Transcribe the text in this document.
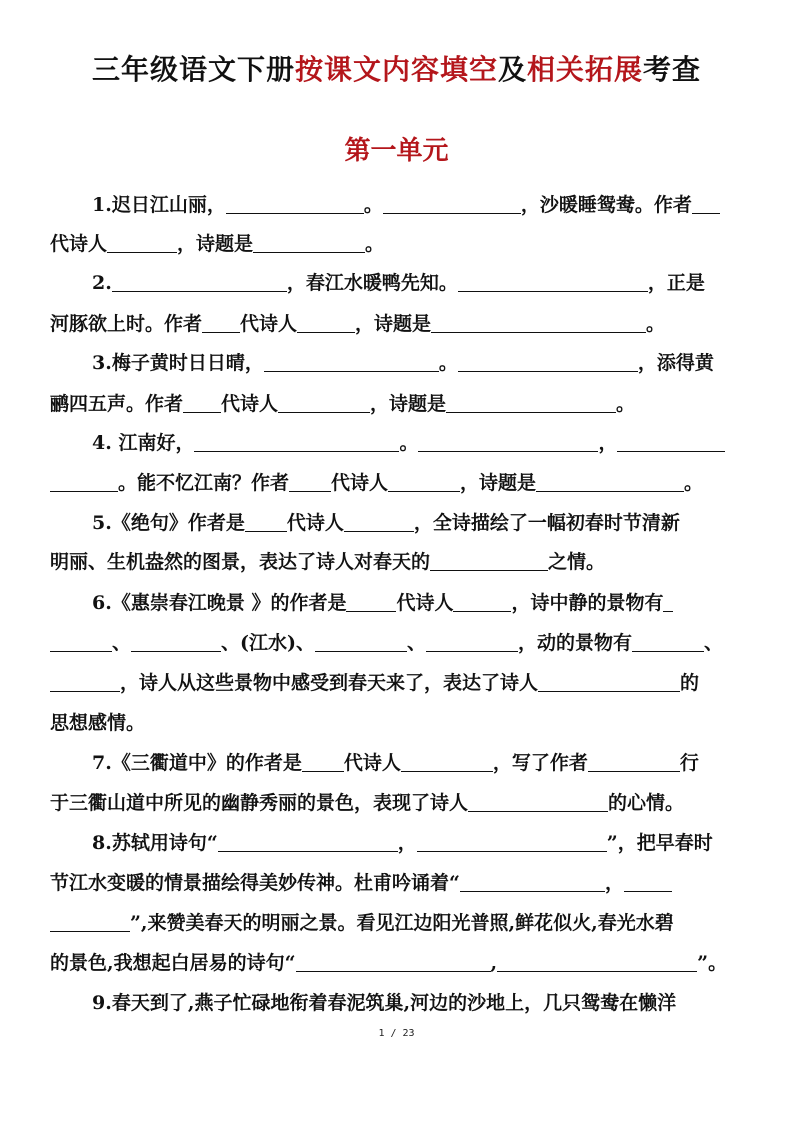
三年级语文下册按课文内容填空及相关拓展考查
第一单元
1.迟日江山丽，	。	，沙暖睡鸳鸯。作者
代诗人	，诗题是	。
2.	，春江水暖鸭先知。	，正是
河豚欲上时。作者 代诗人	，诗题是	。
3.梅子黄时日日晴，	。	，添得黄
鹂四五声。作者 代诗人	，诗题是	。
4. 江南好，	。	，
。能不忆江南？作者 代诗人	，诗题是	。
5.《绝句》作者是 代诗人	，全诗描绘了一幅初春时节清新
明丽、生机盎然的图景，表达了诗人对春天的	之情。
6.《惠崇春江晚景 》的作者是	代诗人	，诗中静的景物有
、	、(江水)、	、	，动的景物有	、
，诗人从这些景物中感受到春天来了，表达了诗人	的
思想感情。
7.《三衢道中》的作者是 代诗人	，写了作者	行
于三衢山道中所见的幽静秀丽的景色，表现了诗人	的心情。
8.苏轼用诗句“	，	”，把早春时
节江水变暖的情景描绘得美妙传神。杜甫吟诵着“	，
”,来赞美春天的明丽之景。看见江边阳光普照,鲜花似火,春光水碧
的景色,我想起白居易的诗句“	,	”。
9.春天到了,燕子忙碌地衔着春泥筑巢,河边的沙地上，几只鸳鸯在懒洋
1 / 23
